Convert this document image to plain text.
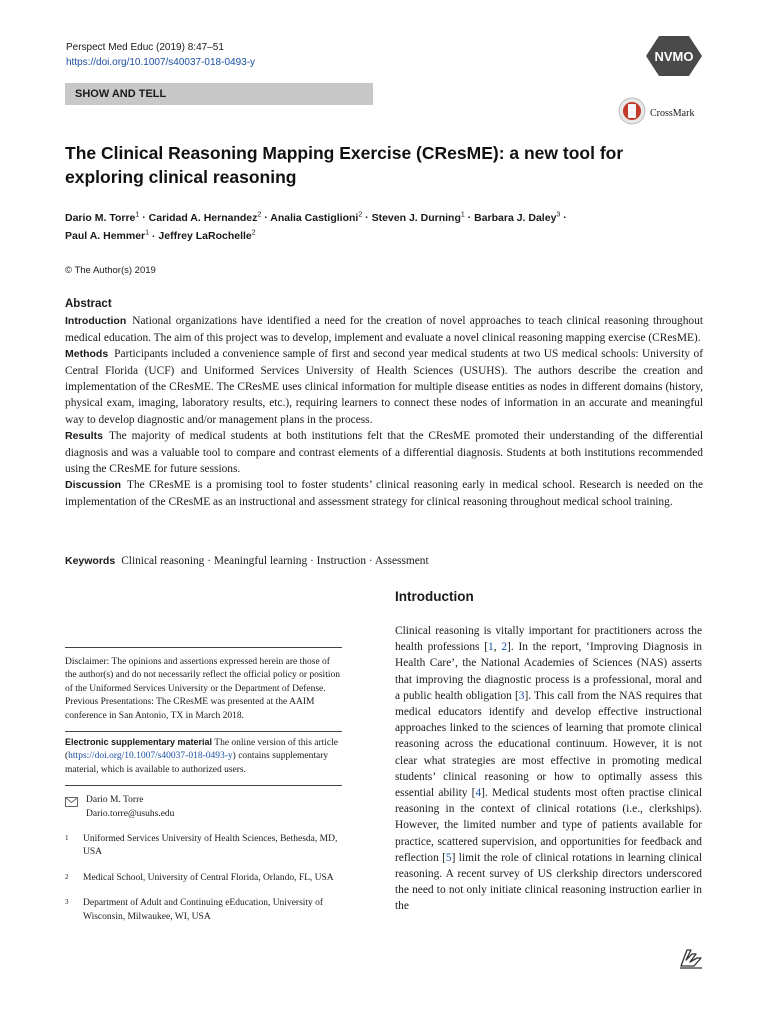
Perspect Med Educ (2019) 8:47–51
https://doi.org/10.1007/s40037-018-0493-y	NVMO
SHOW AND TELL
CrossMark
The Clinical Reasoning Mapping Exercise (CResME): a new tool for exploring clinical reasoning
Dario M. Torre$^1$ · Caridad A. Hernandez$^2$ · Analia Castiglioni$^2$ · Steven J. Durning$^1$ · Barbara J. Daley$^3$ ·
Paul A. Hemmer$^1$ · Jeffrey LaRochelle$^2$
© The Author(s) 2019
Abstract

Introduction National organizations have identified a need for the creation of novel approaches to teach clinical reasoning throughout medical education. The aim of this project was to develop, implement and evaluate a novel clinical reasoning mapping exercise (CResME).

Methods Participants included a convenience sample of first and second year medical students at two US medical schools: University of Central Florida (UCF) and Uniformed Services University of Health Sciences (USUHS). The authors describe the creation and implementation of the CResME. The CResME uses clinical information for multiple disease entities as nodes in different domains (history, physical exam, imaging, laboratory results, etc.), requiring learners to connect these nodes of information in an accurate and meaningful way to develop diagnostic and/or management plans in the process.

Results The majority of medical students at both institutions felt that the CResME promoted their understanding of the differential diagnosis and was a valuable tool to compare and contrast elements of a differential diagnosis. Students at both institutions recommended using the CResME for future sessions.

Discussion The CResME is a promising tool to foster students’ clinical reasoning early in medical school. Research is needed on the implementation of the CResME as an instructional and assessment strategy for clinical reasoning throughout medical school training.

Keywords Clinical reasoning · Meaningful learning · Instruction · Assessment
Introduction

Clinical reasoning is vitally important for practitioners across the health professions [1, 2]. In the report, ‘Improving Diagnosis in Health Care’, the National Academies of Sciences (NAS) asserts that improving the diagnostic process is a professional, moral and a public health obligation [3]. This call from the NAS requires that medical educators identify and develop effective instructional approaches linked to the sciences of learning that promote clinical reasoning across the educational continuum. However, it is not clear what strategies are most effective in promoting medical students’ clinical reasoning or how to optimally assess this essential ability [4]. Medical students most often practise clinical reasoning in the context of clinical rotations (i.e., clerkships). However, the limited number and type of patients available for practice, scattered supervision, and opportunities for feedback and reflection [5] limit the role of clinical rotations in learning clinical reasoning. A recent survey of US clerkship directors underscored the need to not only initiate clinical reasoning instruction earlier in the

Disclaimer: The opinions and assertions expressed herein are those of the author(s) and do not necessarily reflect the official policy or position of the Uniformed Services University or the Department of Defense.

Previous Presentations: The CResME was presented at the AAIM conference in San Antonio, TX in March 2018.

Electronic supplementary material The online version of this article (https://doi.org/10.1007/s40037-018-0493-y) contains supplementary material, which is available to authorized users.

Dario M. Torre
Dario.torre@usuhs.edu
1	Uniformed Services University of Health Sciences, Bethesda, MD, USA
2	Medical School, University of Central Florida, Orlando, FL, USA
3	Department of Adult and Continuing eEducation, University of Wisconsin, Milwaukee, WI, USA
